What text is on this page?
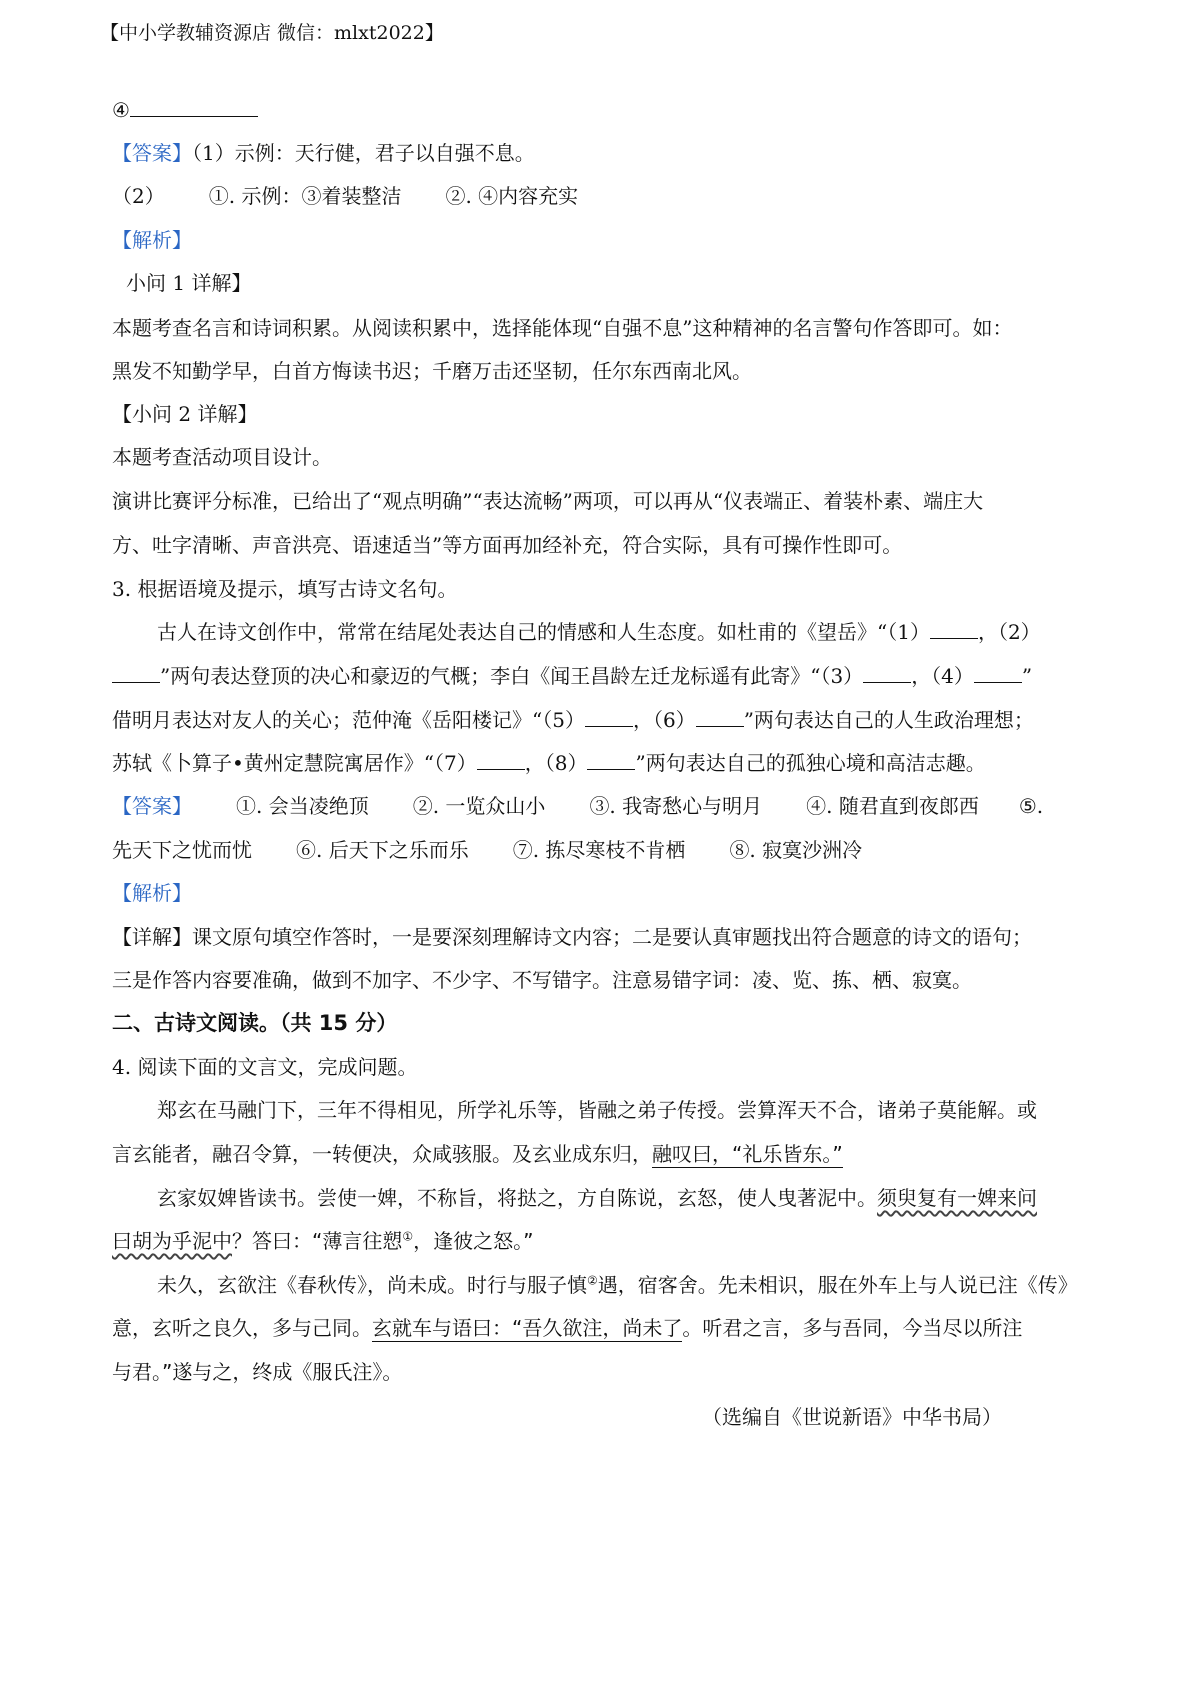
【中小学教辅资源店 微信：mlxt2022】
④
【答案】（1）示例：天行健，君子以自强不息。
（2） ①. 示例：③着装整洁 ②. ④内容充实
【解析】
小问 1 详解】
本题考查名言和诗词积累。从阅读积累中，选择能体现“自强不息”这种精神的名言警句作答即可。如：
黑发不知勤学早，白首方悔读书迟；千磨万击还坚韧，任尔东西南北风。
【小问 2 详解】
本题考查活动项目设计。
演讲比赛评分标准，已给出了“观点明确”“表达流畅”两项，可以再从“仪表端正、着装朴素、端庄大
方、吐字清晰、声音洪亮、语速适当”等方面再加经补充，符合实际，具有可操作性即可。
3. 根据语境及提示，填写古诗文名句。
古人在诗文创作中，常常在结尾处表达自己的情感和人生态度。如杜甫的《望岳》“（1） ，（2）
”两句表达登顶的决心和豪迈的气概；李白《闻王昌龄左迁龙标遥有此寄》“（3） ，（4） ”
借明月表达对友人的关心；范仲淹《岳阳楼记》“（5） ，（6） ”两句表达自己的人生政治理想；
苏轼《卜算子•黄州定慧院寓居作》“（7） ，（8） ”两句表达自己的孤独心境和高洁志趣。
【答案】 ①. 会当凌绝顶 ②. 一览众山小 ③. 我寄愁心与明月 ④. 随君直到夜郎西 ⑤.
先天下之忧而忧 ⑥. 后天下之乐而乐 ⑦. 拣尽寒枝不肯栖 ⑧. 寂寞沙洲冷
【解析】
【详解】课文原句填空作答时，一是要深刻理解诗文内容；二是要认真审题找出符合题意的诗文的语句；
三是作答内容要准确，做到不加字、不少字、不写错字。注意易错字词：凌、览、拣、栖、寂寞。
二、古诗文阅读。（共 15 分）
4. 阅读下面的文言文，完成问题。
郑玄在马融门下，三年不得相见，所学礼乐等，皆融之弟子传授。尝算浑天不合，诸弟子莫能解。或
言玄能者，融召令算，一转便决，众咸骇服。及玄业成东归，融叹曰，“礼乐皆东。”
玄家奴婢皆读书。尝使一婢，不称旨，将挞之，方自陈说，玄怒，使人曳著泥中。须臾复有一婢来问
曰胡为乎泥中？答曰：“薄言往愬①，逢彼之怒。”
未久，玄欲注《春秋传》，尚未成。时行与服子慎②遇，宿客舍。先未相识，服在外车上与人说已注《传》
意，玄听之良久，多与己同。玄就车与语曰：“吾久欲注，尚未了。听君之言，多与吾同，今当尽以所注
与君。”遂与之，终成《服氏注》。
（选编自《世说新语》中华书局）
